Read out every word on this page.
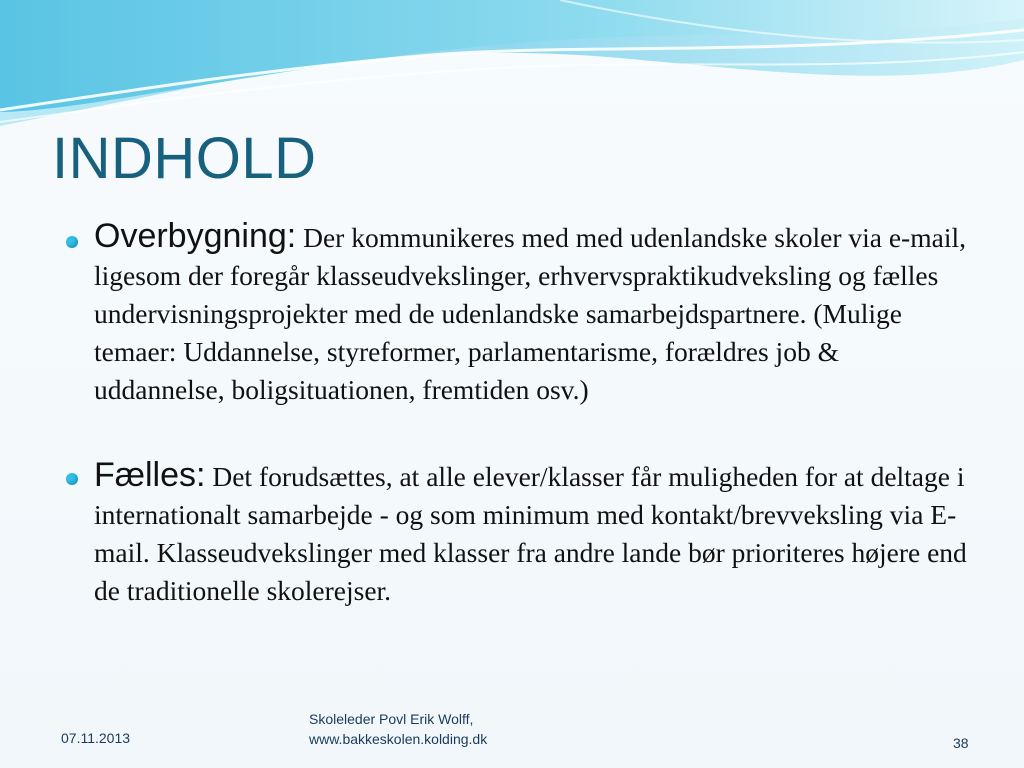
INDHOLD

Overbygning: Der kommunikeres med med udenlandske skoler via e-mail, ligesom der foregår klasseudvekslinger, erhvervspraktikudveksling og fælles undervisningsprojekter med de udenlandske samarbejdspartnere. (Mulige temaer: Uddannelse, styreformer, parlamentarisme, forældres job & uddannelse, boligsituationen, fremtiden osv.)

Fælles: Det forudsættes, at alle elever/klasser får muligheden for at deltage i internationalt samarbejde - og som minimum med kontakt/brevveksling via E-mail. Klasseudvekslinger med klasser fra andre lande bør prioriteres højere end de traditionelle skolerejser.

07.11.2013
Skoleleder Povl Erik Wolff,
www.bakkeskolen.kolding.dk	38
